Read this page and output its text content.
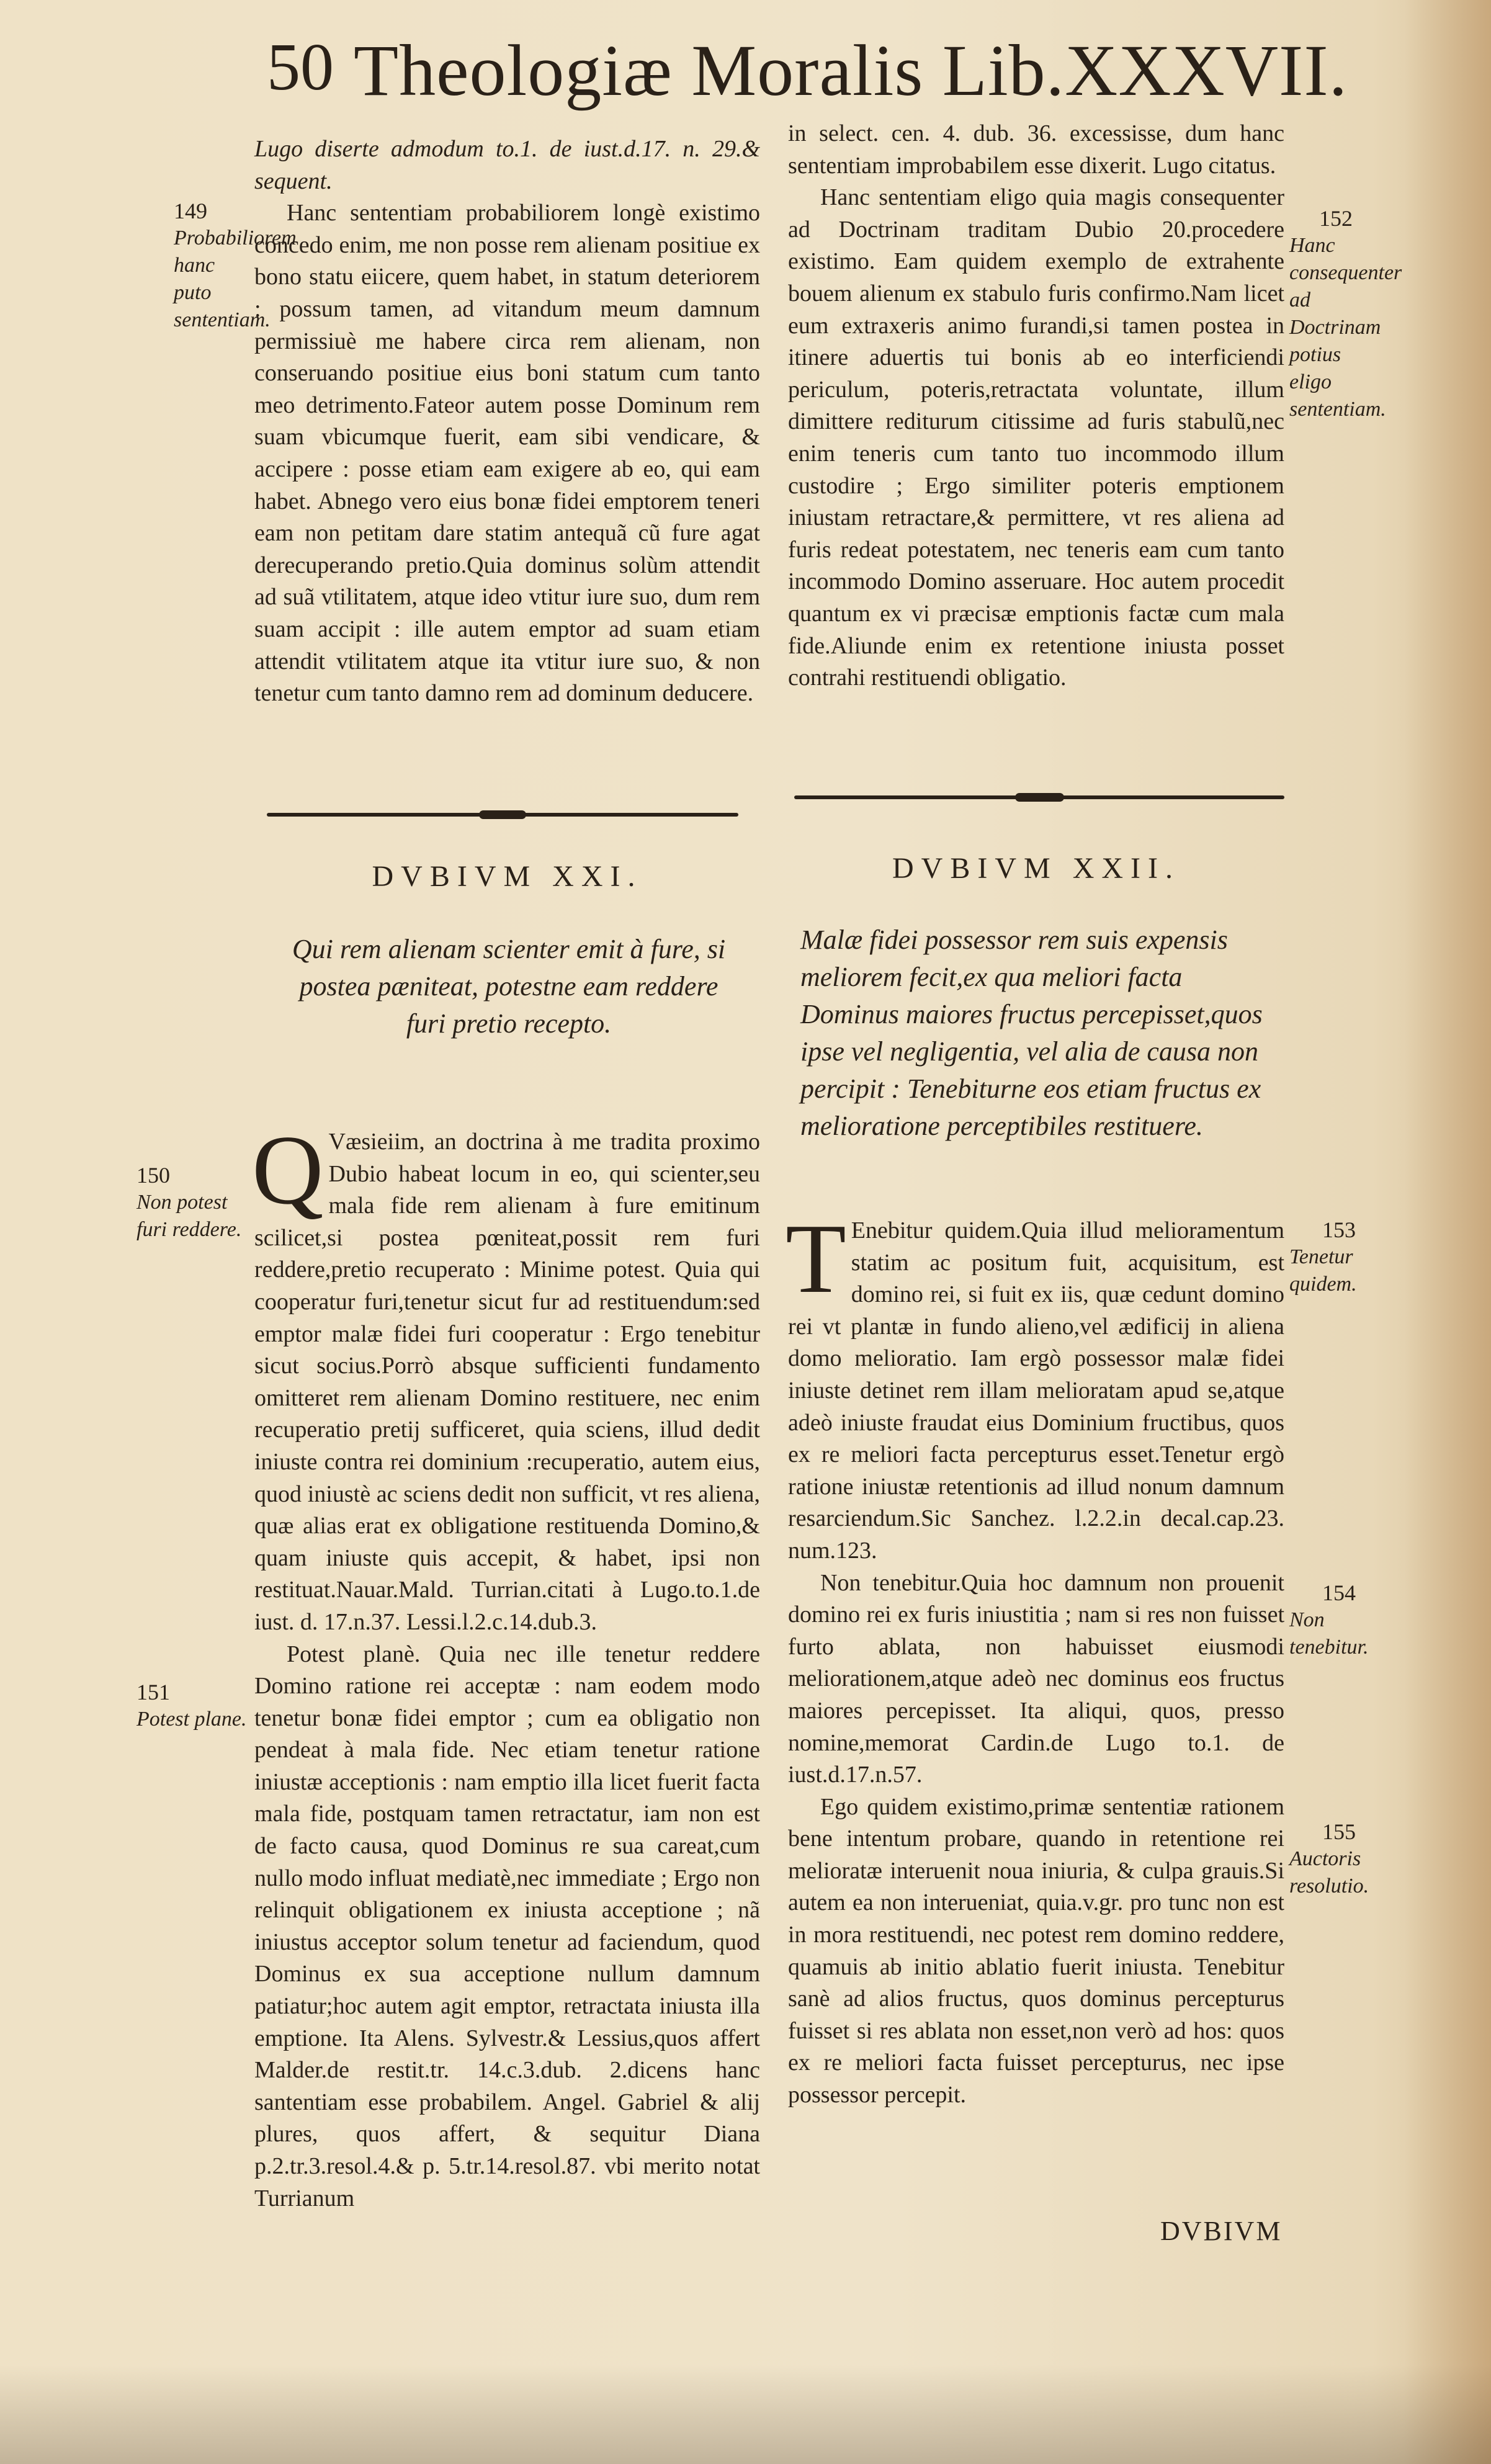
50 Theologiæ Moralis Lib.XXXVII.

Lugo diserte admodum to.1. de iust.d.17. n. 29.& sequent.

Hanc sententiam probabiliorem longè existimo concedo enim, me non posse rem alienam positiue ex bono statu eiicere, quem habet, in statum deteriorem : possum tamen, ad vitandum meum damnum permissiuè me habere circa rem alienam, non conseruando positiue eius boni statum cum tanto meo detrimento.Fateor autem posse Dominum rem suam vbicumque fuerit, eam sibi vendicare, & accipere : posse etiam eam exigere ab eo, qui eam habet. Abnego vero eius bonæ fidei emptorem teneri eam non petitam dare statim antequã cũ fure agat derecuperando pretio.Quia dominus solùm attendit ad suã vtilitatem, atque ideo vtitur iure suo, dum rem suam accipit : ille autem emptor ad suam etiam attendit vtilitatem atque ita vtitur iure suo, & non tenetur cum tanto damno rem ad dominum deducere.

in select. cen. 4. dub. 36. excessisse, dum hanc sententiam improbabilem esse dixerit. Lugo citatus.

Hanc sententiam eligo quia magis consequenter ad Doctrinam traditam Dubio 20.procedere existimo. Eam quidem exemplo de extrahente bouem alienum ex stabulo furis confirmo.Nam licet eum extraxeris animo furandi,si tamen postea in itinere aduertis tui bonis ab eo interficiendi periculum, poteris,retractata voluntate, illum dimittere rediturum citissime ad furis stabulũ,nec enim teneris cum tanto tuo incommodo illum custodire ; Ergo similiter poteris emptionem iniustam retractare,& permittere, vt res aliena ad furis redeat potestatem, nec teneris eam cum tanto incommodo Domino asseruare. Hoc autem procedit quantum ex vi præcisæ emptionis factæ cum mala fide.Aliunde enim ex retentione iniusta posset contrahi restituendi obligatio.

149
Probabiliorem hanc puto sententiam.
152
Hanc consequenter ad Doctrinam potius eligo sententiam.
150
Non potest furi reddere.
151
Potest plane.
153
Tenetur quidem.
154
Non tenebitur.
155
Auctoris resolutio.
DVBIVM XXI.
Qui rem alienam scienter emit à fure, si postea pæniteat, potestne eam reddere furi pretio recepto.

Q Væsieiim, an doctrina à me tradita proximo Dubio habeat locum in eo, qui scienter,seu mala fide rem alienam à fure emitinum scilicet,si postea pœniteat,possit rem furi reddere,pretio recuperato : Minime potest. Quia qui cooperatur furi,tenetur sicut fur ad restituendum:sed emptor malæ fidei furi cooperatur : Ergo tenebitur sicut socius.Porrò absque sufficienti fundamento omitteret rem alienam Domino restituere, nec enim recuperatio pretij sufficeret, quia sciens, illud dedit iniuste contra rei dominium :recuperatio, autem eius, quod iniustè ac sciens dedit non sufficit, vt res aliena, quæ alias erat ex obligatione restituenda Domino,& quam iniuste quis accepit, & habet, ipsi non restituat.Nauar.Mald. Turrian.citati à Lugo.to.1.de iust. d. 17.n.37. Lessi.l.2.c.14.dub.3.

Potest planè. Quia nec ille tenetur reddere Domino ratione rei acceptæ : nam eodem modo tenetur bonæ fidei emptor ; cum ea obligatio non pendeat à mala fide. Nec etiam tenetur ratione iniustæ acceptionis : nam emptio illa licet fuerit facta mala fide, postquam tamen retractatur, iam non est de facto causa, quod Dominus re sua careat,cum nullo modo influat mediatè,nec immediate ; Ergo non relinquit obligationem ex iniusta acceptione ; nã iniustus acceptor solum tenetur ad faciendum, quod Dominus ex sua acceptione nullum damnum patiatur;hoc autem agit emptor, retractata iniusta illa emptione. Ita Alens. Sylvestr.& Lessius,quos affert Malder.de restit.tr. 14.c.3.dub. 2.dicens hanc santentiam esse probabilem. Angel. Gabriel & alij plures, quos affert, & sequitur Diana p.2.tr.3.resol.4.& p. 5.tr.14.resol.87. vbi merito notat Turrianum

DVBIVM XXII.
Malæ fidei possessor rem suis expensis meliorem fecit,ex qua meliori facta Dominus maiores fructus percepisset,quos ipse vel negligentia, vel alia de causa non percipit : Tenebiturne eos etiam fructus ex melioratione perceptibiles restituere.

T Enebitur quidem.Quia illud melioramentum statim ac positum fuit, acquisitum, est domino rei, si fuit ex iis, quæ cedunt domino rei vt plantæ in fundo alieno,vel ædificij in aliena domo melioratio. Iam ergò possessor malæ fidei iniuste detinet rem illam melioratam apud se,atque adeò iniuste fraudat eius Dominium fructibus, quos ex re meliori facta percepturus esset.Tenetur ergò ratione iniustæ retentionis ad illud nonum damnum resarciendum.Sic Sanchez. l.2.2.in decal.cap.23. num.123.

Non tenebitur.Quia hoc damnum non prouenit domino rei ex furis iniustitia ; nam si res non fuisset furto ablata, non habuisset eiusmodi meliorationem,atque adeò nec dominus eos fructus maiores percepisset. Ita aliqui, quos, presso nomine,memorat Cardin.de Lugo to.1. de iust.d.17.n.57.

Ego quidem existimo,primæ sententiæ rationem bene intentum probare, quando in retentione rei melioratæ interuenit noua iniuria, & culpa grauis.Si autem ea non interueniat, quia.v.gr. pro tunc non est in mora restituendi, nec potest rem domino reddere, quamuis ab initio ablatio fuerit iniusta. Tenebitur sanè ad alios fructus, quos dominus percepturus fuisset si res ablata non esset,non verò ad hos: quos ex re meliori facta fuisset percepturus, nec ipse possessor percepit.

DVBIVM
